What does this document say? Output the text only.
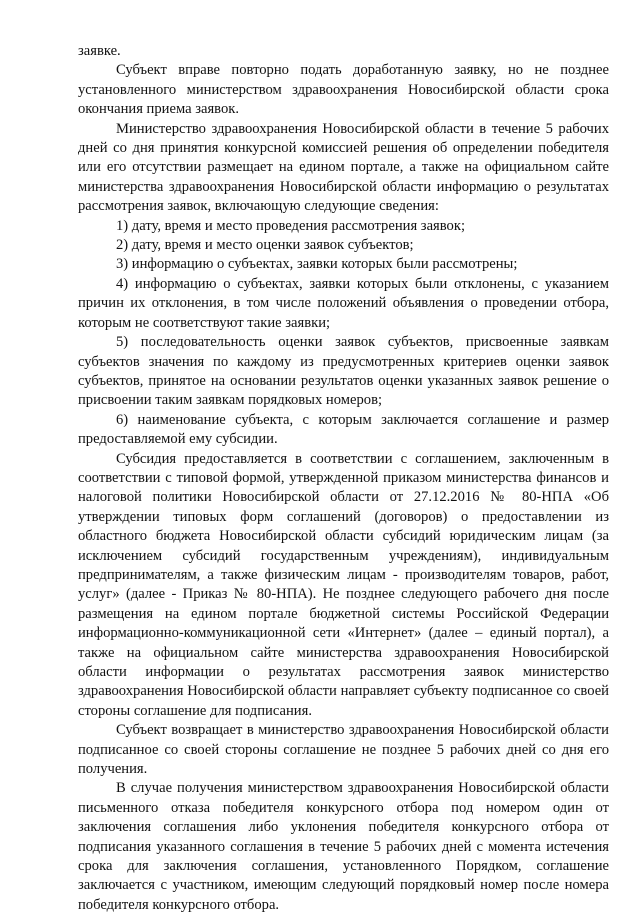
заявке.

Субъект вправе повторно подать доработанную заявку, но не позднее установленного министерством здравоохранения Новосибирской области срока окончания приема заявок.

Министерство здравоохранения Новосибирской области в течение 5 рабочих дней со дня принятия конкурсной комиссией решения об определении победителя или его отсутствии размещает на едином портале, а также на официальном сайте министерства здравоохранения Новосибирской области информацию о результатах рассмотрения заявок, включающую следующие сведения:

1) дату, время и место проведения рассмотрения заявок;

2) дату, время и место оценки заявок субъектов;

3) информацию о субъектах, заявки которых были рассмотрены;

4) информацию о субъектах, заявки которых были отклонены, с указанием причин их отклонения, в том числе положений объявления о проведении отбора, которым не соответствуют такие заявки;

5) последовательность оценки заявок субъектов, присвоенные заявкам субъектов значения по каждому из предусмотренных критериев оценки заявок субъектов, принятое на основании результатов оценки указанных заявок решение о присвоении таким заявкам порядковых номеров;

6) наименование субъекта, с которым заключается соглашение и размер предоставляемой ему субсидии.

Субсидия предоставляется в соответствии с соглашением, заключенным в соответствии с типовой формой, утвержденной приказом министерства финансов и налоговой политики Новосибирской области от 27.12.2016 № 80-НПА «Об утверждении типовых форм соглашений (договоров) о предоставлении из областного бюджета Новосибирской области субсидий юридическим лицам (за исключением субсидий государственным учреждениям), индивидуальным предпринимателям, а также физическим лицам - производителям товаров, работ, услуг» (далее - Приказ № 80-НПА). Не позднее следующего рабочего дня после размещения на едином портале бюджетной системы Российской Федерации информационно-коммуникационной сети «Интернет» (далее – единый портал), а также на официальном сайте министерства здравоохранения Новосибирской области информации о результатах рассмотрения заявок министерство здравоохранения Новосибирской области направляет субъекту подписанное со своей стороны соглашение для подписания.

Субъект возвращает в министерство здравоохранения Новосибирской области подписанное со своей стороны соглашение не позднее 5 рабочих дней со дня его получения.

В случае получения министерством здравоохранения Новосибирской области письменного отказа победителя конкурсного отбора под номером один от заключения соглашения либо уклонения победителя конкурсного отбора от подписания указанного соглашения в течение 5 рабочих дней с момента истечения срока для заключения соглашения, установленного Порядком, соглашение заключается с участником, имеющим следующий порядковый номер после номера победителя конкурсного отбора.
